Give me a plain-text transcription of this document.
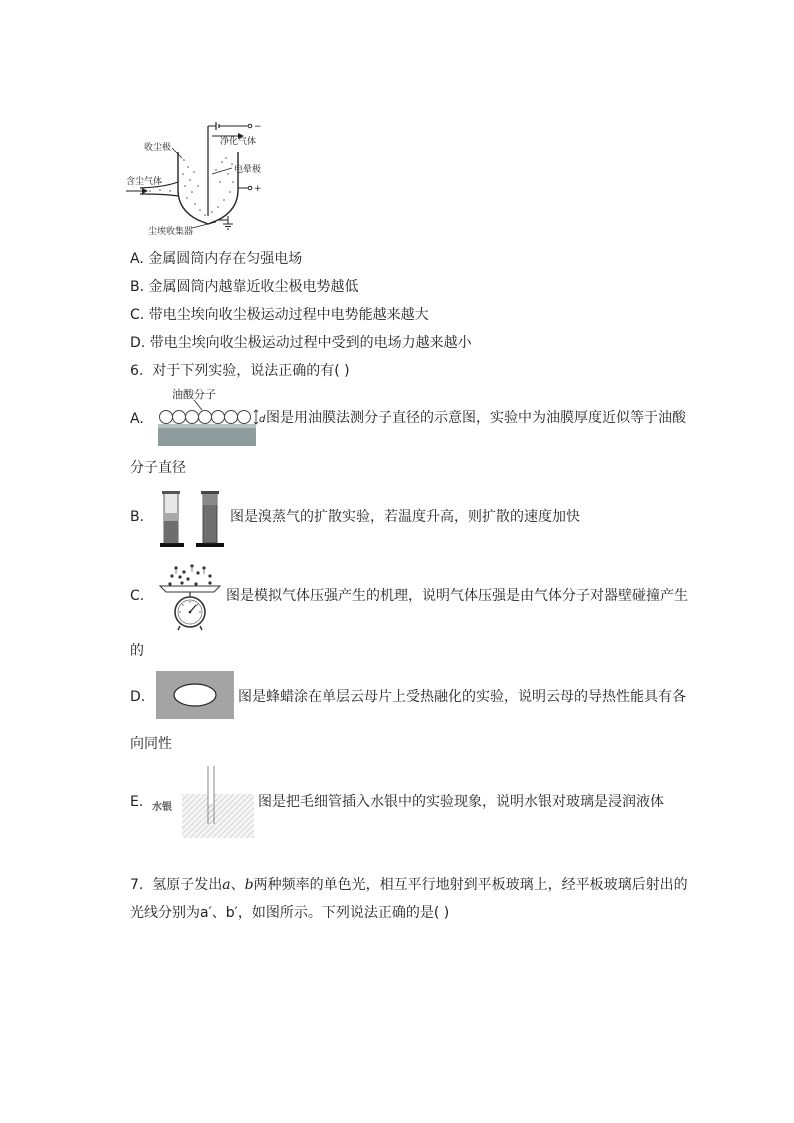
收尘极
净化气体
电晕极
含尘气体
尘埃收集器
−
+
A. 金属圆筒内存在匀强电场
B. 金属圆筒内越靠近收尘极电势越低
C. 带电尘埃向收尘极运动过程中电势能越来越大
D. 带电尘埃向收尘极运动过程中受到的电场力越来越小
6. 对于下列实验，说法正确的有( )
A.
油酸分子
d 图是用油膜法测分子直径的示意图，实验中为油膜厚度近似等于油酸
分子直径
B.	图是溴蒸气的扩散实验，若温度升高，则扩散的速度加快
C.	图是模拟气体压强产生的机理，说明气体压强是由气体分子对器壁碰撞产生
的
D.	图是蜂蜡涂在单层云母片上受热融化的实验，说明云母的导热性能具有各
向同性
E. 水银	图是把毛细管插入水银中的实验现象，说明水银对玻璃是浸润液体
7. 氢原子发出a、b两种频率的单色光，相互平行地射到平板玻璃上，经平板玻璃后射出的
光线分别为a′、b′，如图所示。下列说法正确的是( )
